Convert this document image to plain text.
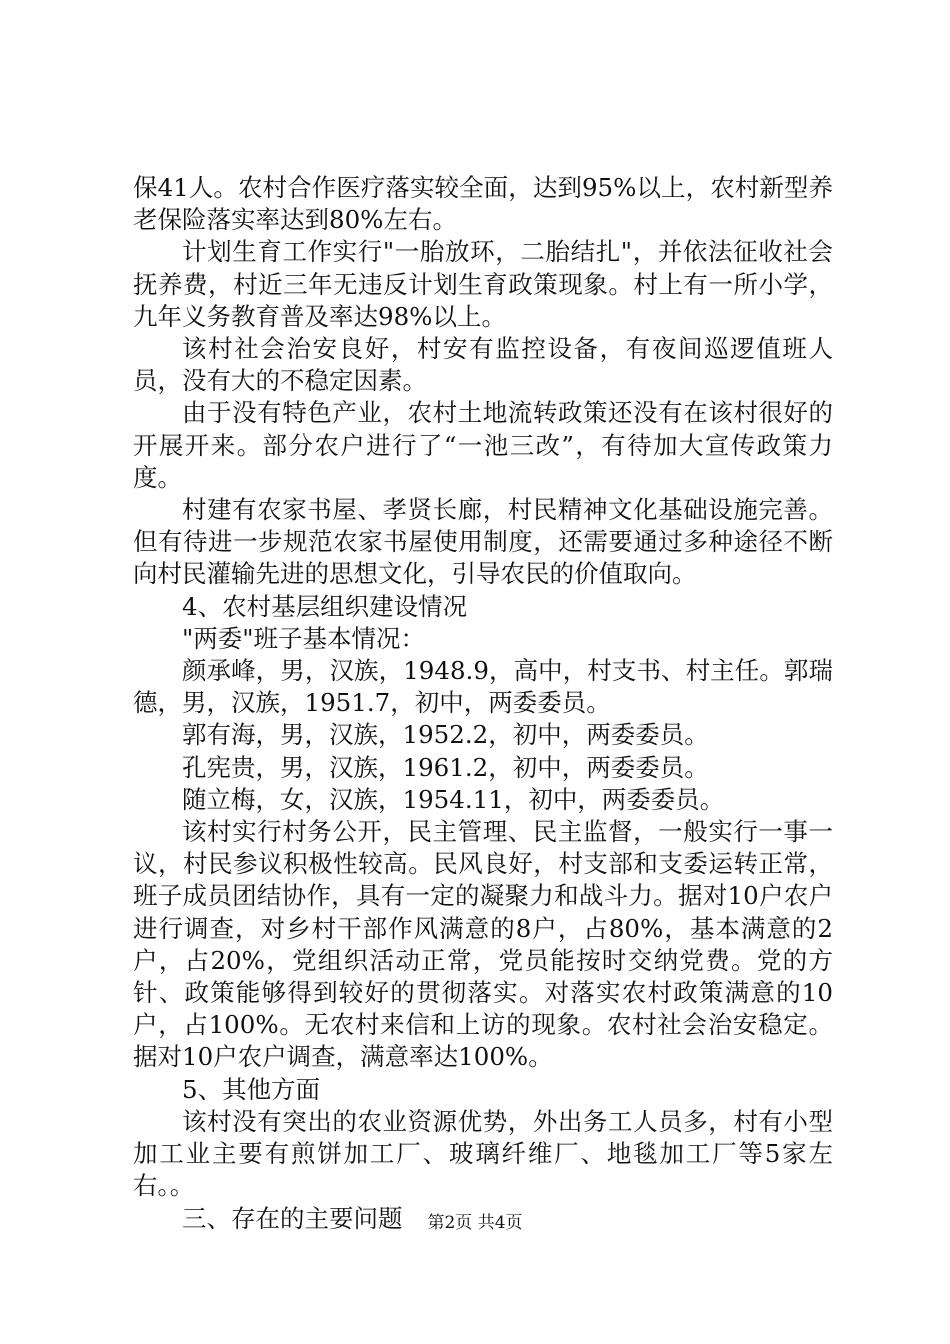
保41人。农村合作医疗落实较全面，达到95%以上，农村新型养老保险落实率达到80%左右。

计划生育工作实行"一胎放环，二胎结扎"，并依法征收社会抚养费，村近三年无违反计划生育政策现象。村上有一所小学，九年义务教育普及率达98%以上。

该村社会治安良好，村安有监控设备，有夜间巡逻值班人员，没有大的不稳定因素。

由于没有特色产业，农村土地流转政策还没有在该村很好的开展开来。部分农户进行了“一池三改”，有待加大宣传政策力度。

村建有农家书屋、孝贤长廊，村民精神文化基础设施完善。但有待进一步规范农家书屋使用制度，还需要通过多种途径不断向村民灌输先进的思想文化，引导农民的价值取向。

4、农村基层组织建设情况

"两委"班子基本情况：

颜承峰，男，汉族，1948.9，高中，村支书、村主任。郭瑞德，男，汉族，1951.7，初中，两委委员。

郭有海，男，汉族，1952.2，初中，两委委员。

孔宪贵，男，汉族，1961.2，初中，两委委员。

随立梅，女，汉族，1954.11，初中，两委委员。

该村实行村务公开，民主管理、民主监督，一般实行一事一议，村民参议积极性较高。民风良好，村支部和支委运转正常，班子成员团结协作，具有一定的凝聚力和战斗力。据对10户农户进行调查，对乡村干部作风满意的8户，占80%，基本满意的2户，占20%，党组织活动正常，党员能按时交纳党费。党的方针、政策能够得到较好的贯彻落实。对落实农村政策满意的10户，占100%。无农村来信和上访的现象。农村社会治安稳定。据对10户农户调查，满意率达100%。

5、其他方面

该村没有突出的农业资源优势，外出务工人员多，村有小型加工业主要有煎饼加工厂、玻璃纤维厂、地毯加工厂等5家左右。。

三、存在的主要问题	第2页 共4页
